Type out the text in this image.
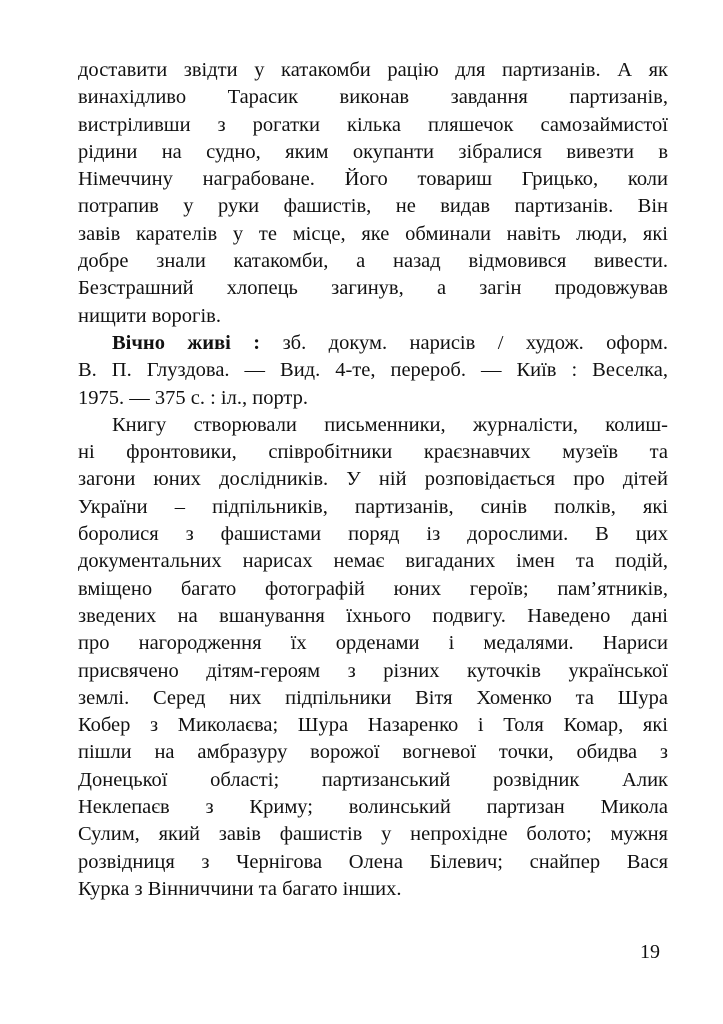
доставити звідти у катакомби рацію для партизанів. А як
винахідливо Тарасик виконав завдання партизанів,
вистріливши з рогатки кілька пляшечок самозаймистої
рідини на судно, яким окупанти зібралися вивезти в
Німеччину награбоване. Його товариш Грицько, коли
потрапив у руки фашистів, не видав партизанів. Він
завів карателів у те місце, яке обминали навіть люди, які
добре знали катакомби, а назад відмовився вивести.
Безстрашний хлопець загинув, а загін продовжував
нищити ворогів.

Вічно живі : зб. докум. нарисів / худож. оформ.
В. П. Глуздова. — Вид. 4-те, перероб. — Київ : Веселка,
1975. — 375 с. : іл., портр.

Книгу створювали письменники, журналісти, колиш-
ні фронтовики, співробітники краєзнавчих музеїв та
загони юних дослідників. У ній розповідається про дітей
України – підпільників, партизанів, синів полків, які
боролися з фашистами поряд із дорослими. В цих
документальних нарисах немає вигаданих імен та подій,
вміщено багато фотографій юних героїв; пам’ятників,
зведених на вшанування їхнього подвигу. Наведено дані
про нагородження їх орденами і медалями. Нариси
присвячено дітям-героям з різних куточків української
землі. Серед них підпільники Вітя Хоменко та Шура
Кобер з Миколаєва; Шура Назаренко і Толя Комар, які
пішли на амбразуру ворожої вогневої точки, обидва з
Донецької області; партизанський розвідник Алик
Неклепаєв з Криму; волинський партизан Микола
Сулим, який завів фашистів у непрохідне болото; мужня
розвідниця з Чернігова Олена Білевич; снайпер Вася
Курка з Вінниччини та багато інших.

19
